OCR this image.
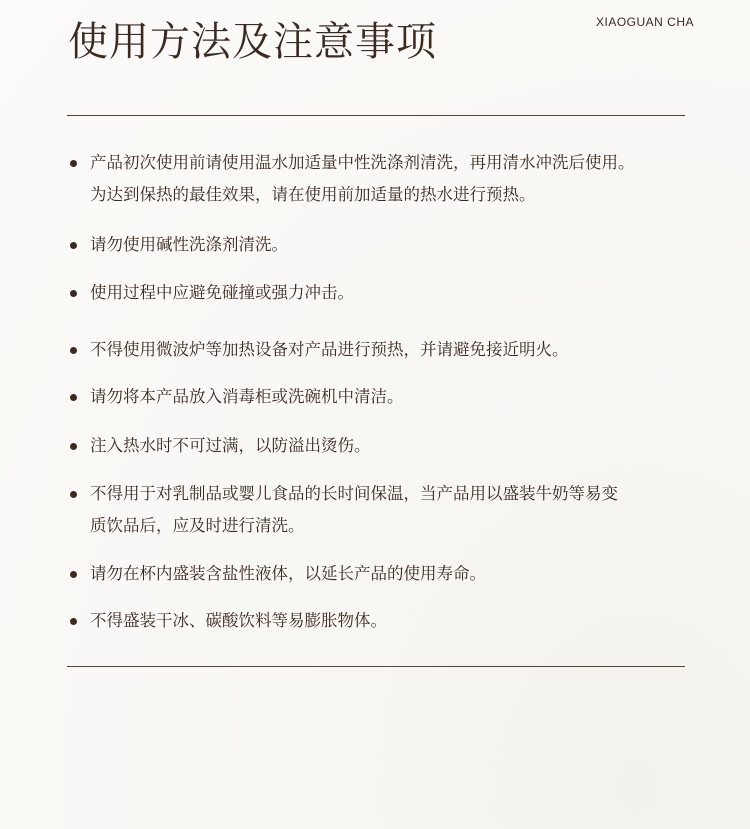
XIAOGUAN CHA
使用方法及注意事项
产品初次使用前请使用温水加适量中性洗涤剂清洗，再用清水冲洗后使用。
为达到保热的最佳效果，请在使用前加适量的热水进行预热。
请勿使用碱性洗涤剂清洗。
使用过程中应避免碰撞或强力冲击。
不得使用微波炉等加热设备对产品进行预热，并请避免接近明火。
请勿将本产品放入消毒柜或洗碗机中清洁。
注入热水时不可过满，以防溢出烫伤。
不得用于对乳制品或婴儿食品的长时间保温，当产品用以盛装牛奶等易变
质饮品后，应及时进行清洗。
请勿在杯内盛装含盐性液体，以延长产品的使用寿命。
不得盛装干冰、碳酸饮料等易膨胀物体。
